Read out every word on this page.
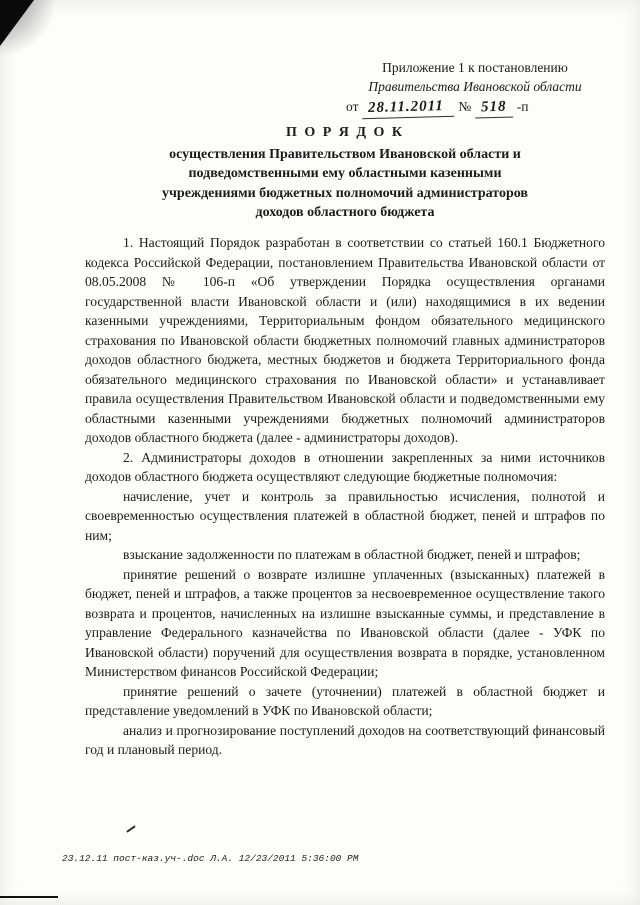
Приложение 1 к постановлению
Правительства Ивановской области
от 28.11.2011 № 518 -п
П О Р Я Д О К
осуществления Правительством Ивановской области и
подведомственными ему областными казенными
учреждениями бюджетных полномочий администраторов
доходов областного бюджета

1. Настоящий Порядок разработан в соответствии со статьей 160.1 Бюджетного кодекса Российской Федерации, постановлением Правительства Ивановской области от 08.05.2008 № 106-п «Об утверждении Порядка осуществления органами государственной власти Ивановской области и (или) находящимися в их ведении казенными учреждениями, Территориальным фондом обязательного медицинского страхования по Ивановской области бюджетных полномочий главных администраторов доходов областного бюджета, местных бюджетов и бюджета Территориального фонда обязательного медицинского страхования по Ивановской области» и устанавливает правила осуществления Правительством Ивановской области и подведомственными ему областными казенными учреждениями бюджетных полномочий администраторов доходов областного бюджета (далее - администраторы доходов).

2. Администраторы доходов в отношении закрепленных за ними источников доходов областного бюджета осуществляют следующие бюджетные полномочия:

начисление, учет и контроль за правильностью исчисления, полнотой и своевременностью осуществления платежей в областной бюджет, пеней и штрафов по ним;

взыскание задолженности по платежам в областной бюджет, пеней и штрафов;

принятие решений о возврате излишне уплаченных (взысканных) платежей в бюджет, пеней и штрафов, а также процентов за несвоевременное осуществление такого возврата и процентов, начисленных на излишне взысканные суммы, и представление в управление Федерального казначейства по Ивановской области (далее - УФК по Ивановской области) поручений для осуществления возврата в порядке, установленном Министерством финансов Российской Федерации;

принятие решений о зачете (уточнении) платежей в областной бюджет и представление уведомлений в УФК по Ивановской области;

анализ и прогнозирование поступлений доходов на соответствующий финансовый год и плановый период.

23.12.11 пост-каз.уч-.doc Л.А. 12/23/2011 5:36:00 PM
